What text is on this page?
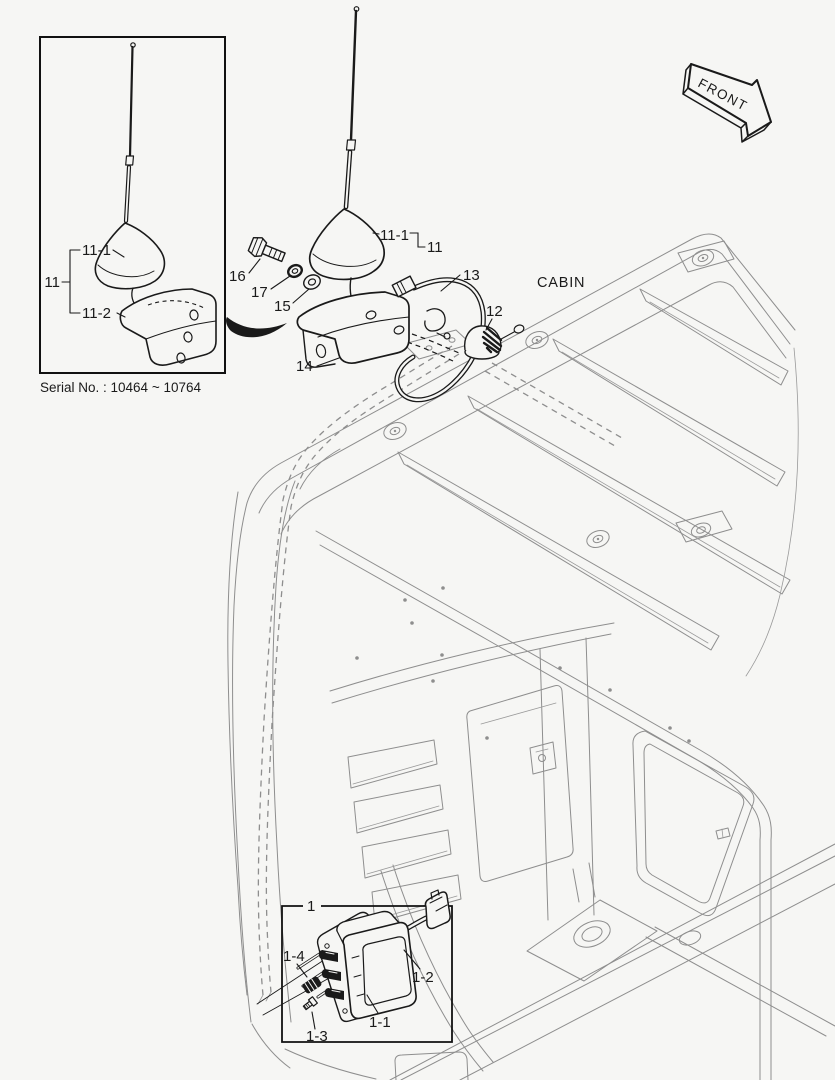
16
17
15
11-1
11
13
12
14
CABIN
11-1
11
11-2
Serial No. : 10464 ~ 10764
FRONT
1
1-4
1-2
1-1
1-3
